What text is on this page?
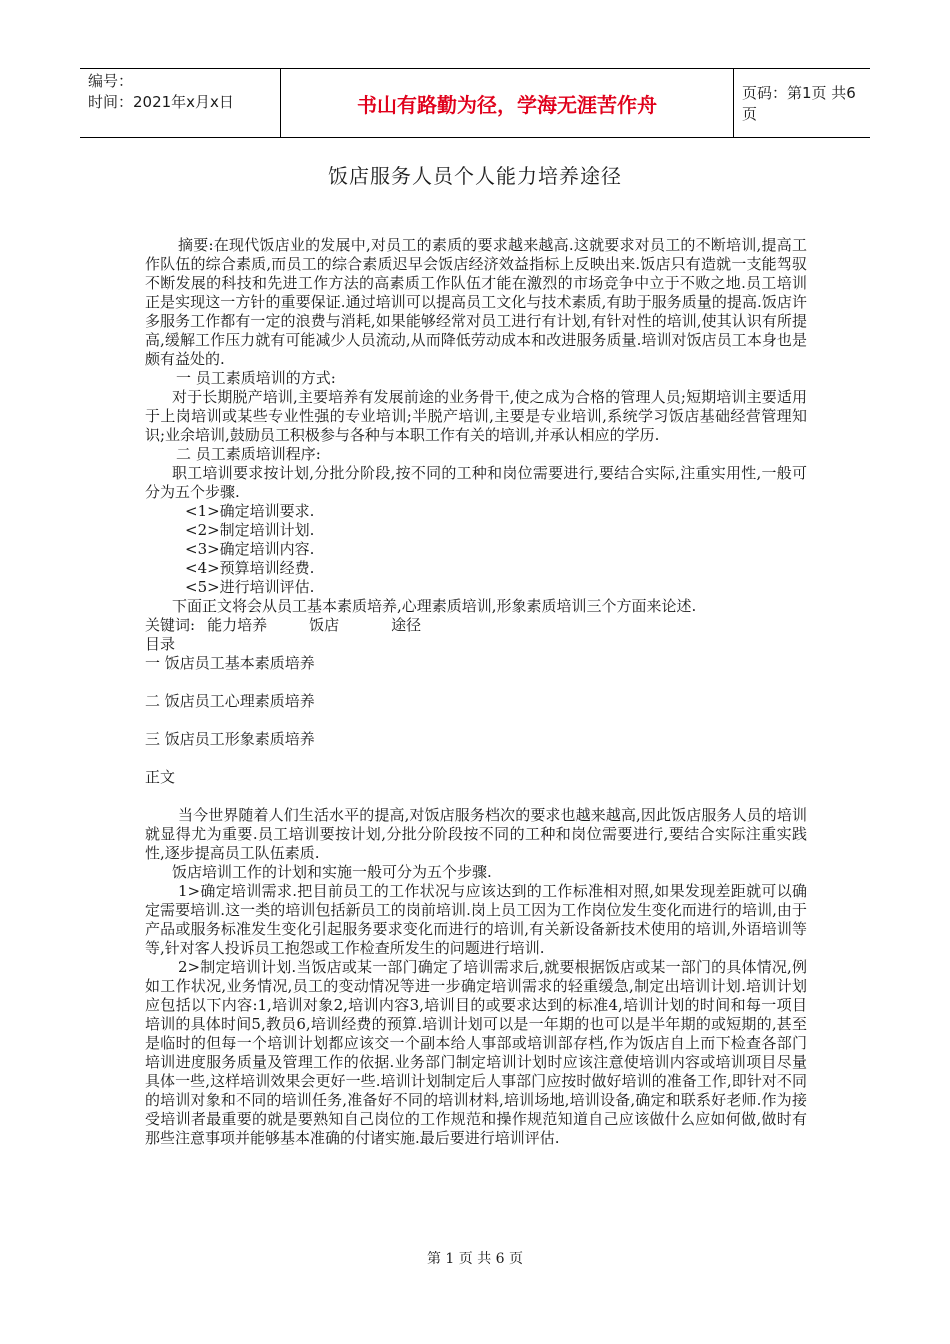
编号：
时间：2021年x月x日	书山有路勤为径，学海无涯苦作舟	页码：第1页 共6页
饭店服务人员个人能力培养途径

摘要:在现代饭店业的发展中,对员工的素质的要求越来越高.这就要求对员工的不断培训,提高工作队伍的综合素质,而员工的综合素质迟早会饭店经济效益指标上反映出来.饭店只有造就一支能驾驭不断发展的科技和先进工作方法的高素质工作队伍才能在激烈的市场竞争中立于不败之地.员工培训正是实现这一方针的重要保证.通过培训可以提高员工文化与技术素质,有助于服务质量的提高.饭店许多服务工作都有一定的浪费与消耗,如果能够经常对员工进行有计划,有针对性的培训,使其认识有所提高,缓解工作压力就有可能减少人员流动,从而降低劳动成本和改进服务质量.培训对饭店员工本身也是颇有益处的.

一 员工素质培训的方式:

对于长期脱产培训,主要培养有发展前途的业务骨干,使之成为合格的管理人员;短期培训主要适用于上岗培训或某些专业性强的专业培训;半脱产培训,主要是专业培训,系统学习饭店基础经营管理知识;业余培训,鼓励员工积极参与各种与本职工作有关的培训,并承认相应的学历.

二 员工素质培训程序:

职工培训要求按计划,分批分阶段,按不同的工种和岗位需要进行,要结合实际,注重实用性,一般可分为五个步骤.

<1>确定培训要求.

<2>制定培训计划.

<3>确定培训内容.

<4>预算培训经费.

<5>进行培训评估.

下面正文将会从员工基本素质培养,心理素质培训,形象素质培训三个方面来论述.

关键词: 能力培养	饭店	途径

目录

一 饭店员工基本素质培养

二 饭店员工心理素质培养

三 饭店员工形象素质培养

正文

当今世界随着人们生活水平的提高,对饭店服务档次的要求也越来越高,因此饭店服务人员的培训就显得尤为重要.员工培训要按计划,分批分阶段按不同的工种和岗位需要进行,要结合实际注重实践性,逐步提高员工队伍素质.

饭店培训工作的计划和实施一般可分为五个步骤.

1>确定培训需求.把目前员工的工作状况与应该达到的工作标准相对照,如果发现差距就可以确定需要培训.这一类的培训包括新员工的岗前培训.岗上员工因为工作岗位发生变化而进行的培训,由于产品或服务标准发生变化引起服务要求变化而进行的培训,有关新设备新技术使用的培训,外语培训等等,针对客人投诉员工抱怨或工作检查所发生的问题进行培训.

2>制定培训计划.当饭店或某一部门确定了培训需求后,就要根据饭店或某一部门的具体情况,例如工作状况,业务情况,员工的变动情况等进一步确定培训需求的轻重缓急,制定出培训计划.培训计划应包括以下内容:1,培训对象2,培训内容3,培训目的或要求达到的标准4,培训计划的时间和每一项目培训的具体时间5,教员6,培训经费的预算.培训计划可以是一年期的也可以是半年期的或短期的,甚至是临时的但每一个培训计划都应该交一个副本给人事部或培训部存档,作为饭店自上而下检查各部门培训进度服务质量及管理工作的依据.业务部门制定培训计划时应该注意使培训内容或培训项目尽量具体一些,这样培训效果会更好一些.培训计划制定后人事部门应按时做好培训的准备工作,即针对不同的培训对象和不同的培训任务,准备好不同的培训材料,培训场地,培训设备,确定和联系好老师.作为接受培训者最重要的就是要熟知自己岗位的工作规范和操作规范知道自己应该做什么应如何做,做时有那些注意事项并能够基本准确的付诸实施.最后要进行培训评估.

第 1 页 共 6 页
